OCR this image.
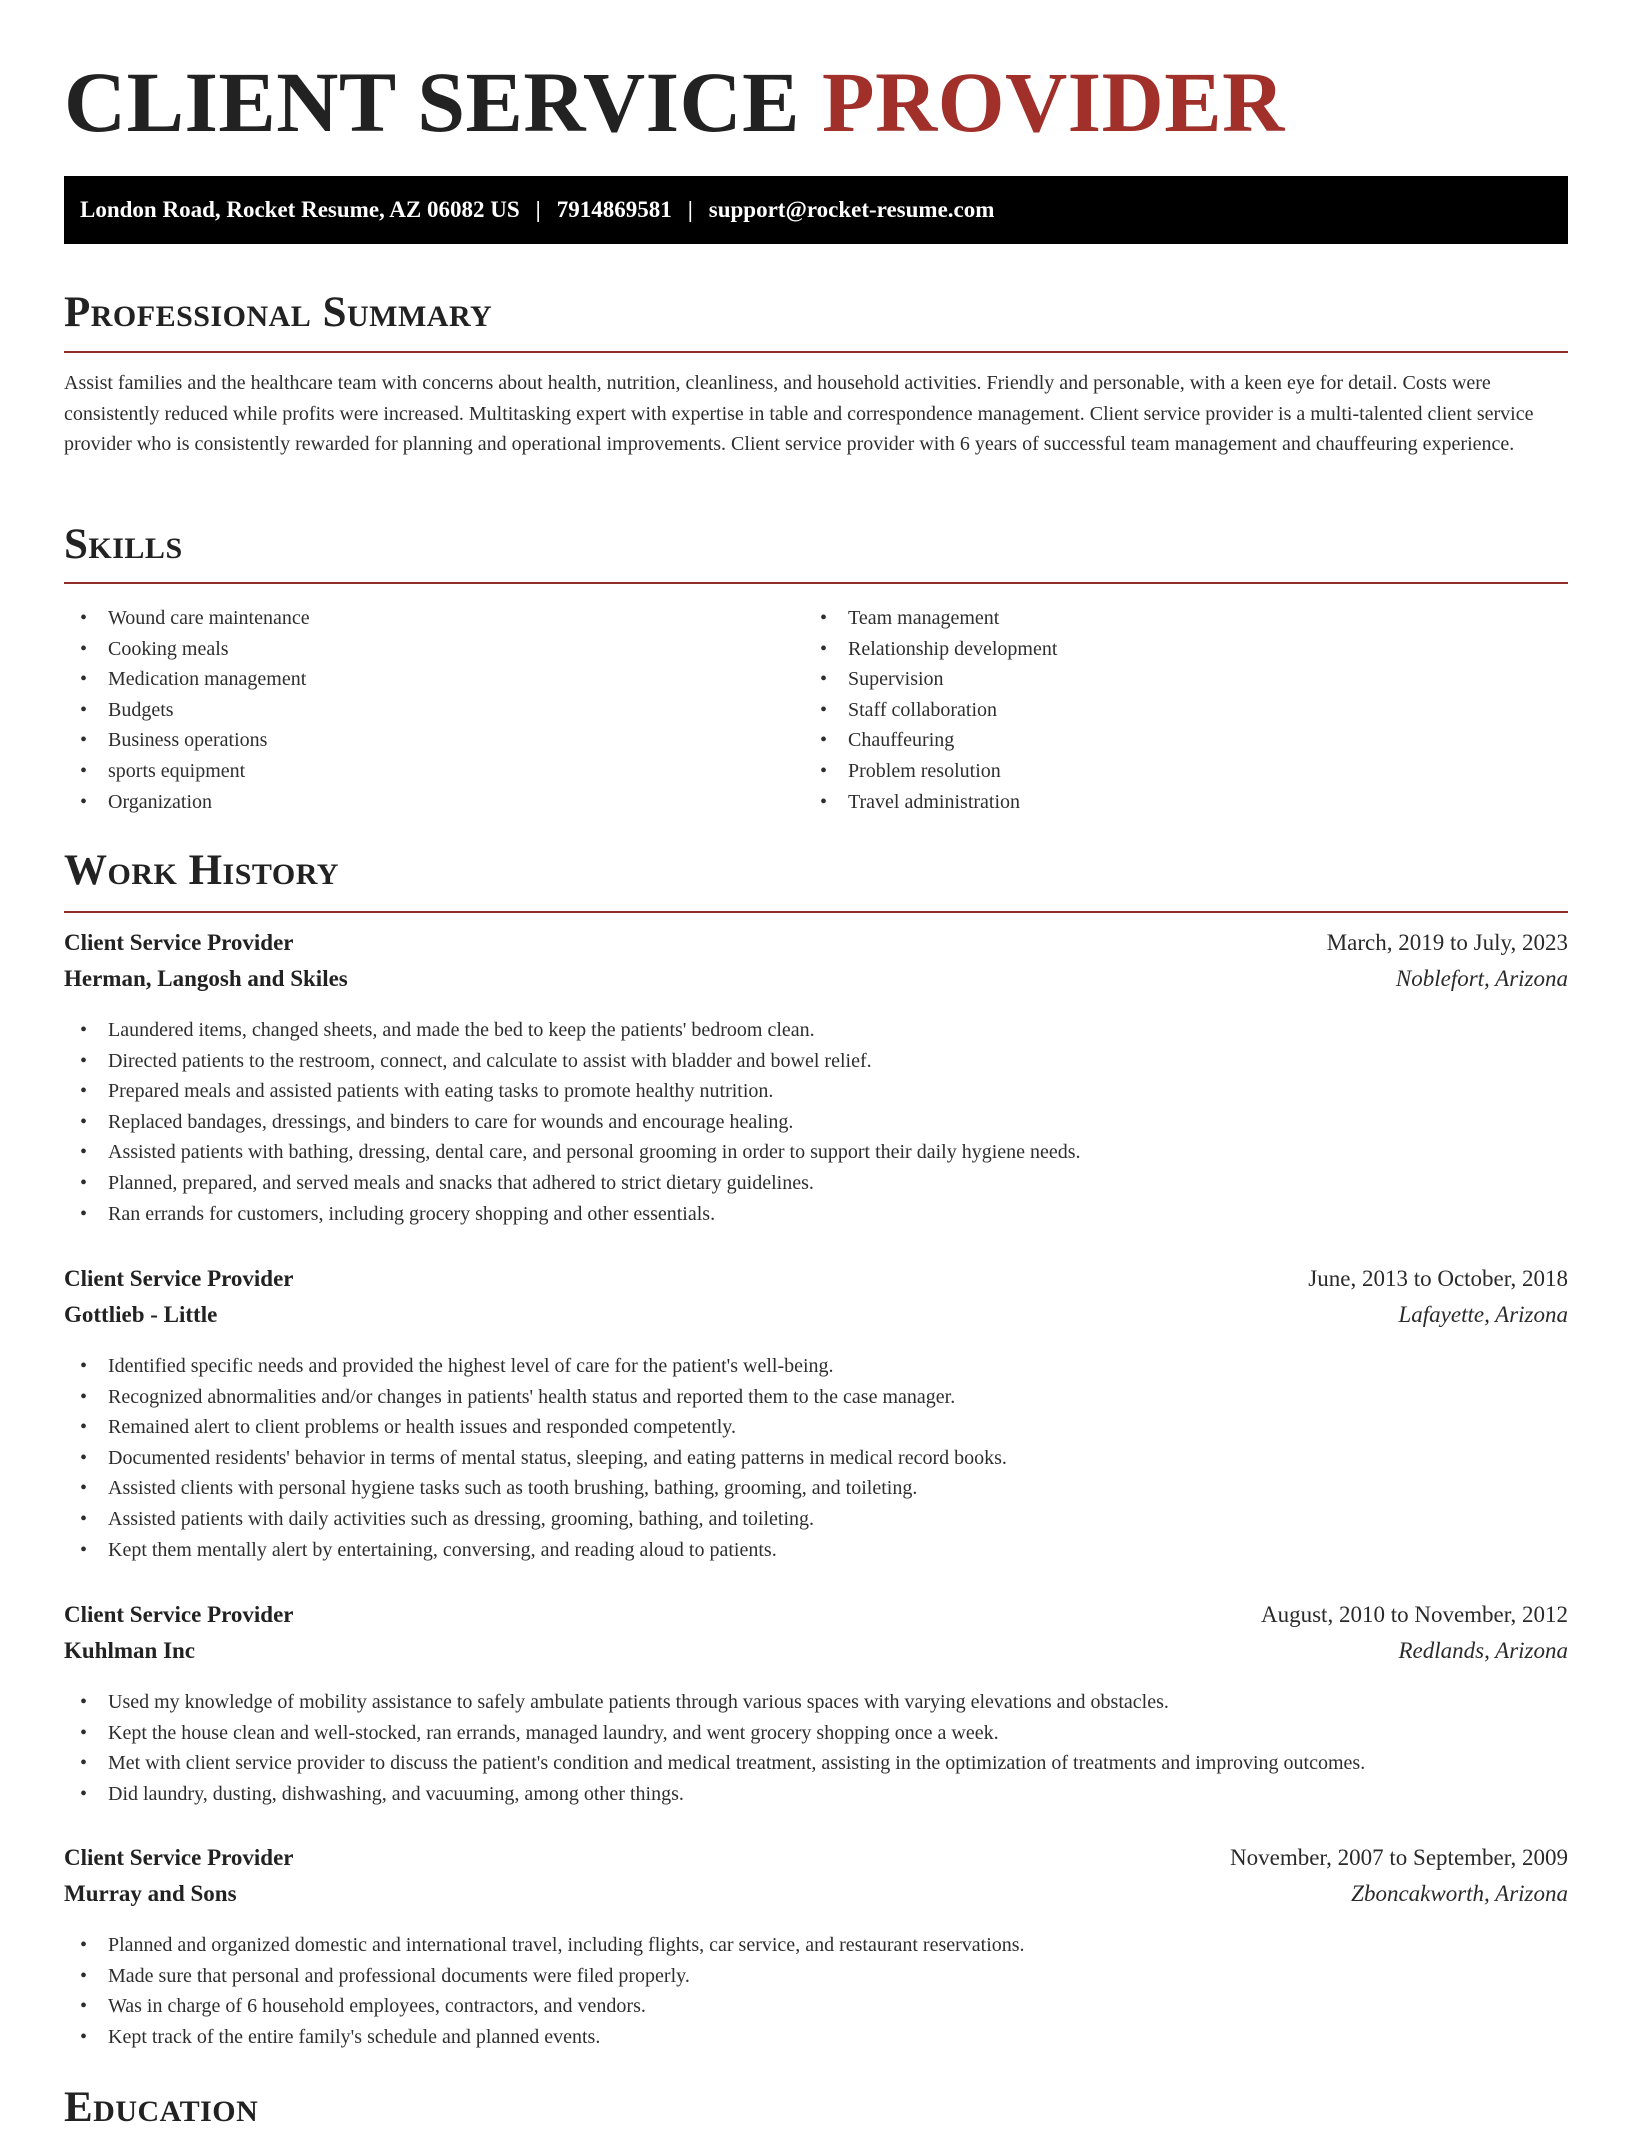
CLIENT SERVICE PROVIDER
London Road, Rocket Resume, AZ 06082 US | 7914869581 | support@rocket-resume.com
Professional Summary

Assist families and the healthcare team with concerns about health, nutrition, cleanliness, and household activities. Friendly and personable, with a keen eye for detail. Costs were consistently reduced while profits were increased. Multitasking expert with expertise in table and correspondence management. Client service provider is a multi-talented client service provider who is consistently rewarded for planning and operational improvements. Client service provider with 6 years of successful team management and chauffeuring experience.

Skills
• Wound care maintenance
• Cooking meals
• Medication management
• Budgets
• Business operations
• sports equipment
• Organization
• Team management
• Relationship development
• Supervision
• Staff collaboration
• Chauffeuring
• Problem resolution
• Travel administration
Work History
Client Service Provider	March, 2019 to July, 2023
Herman, Langosh and Skiles	Noblefort, Arizona
• Laundered items, changed sheets, and made the bed to keep the patients' bedroom clean.
• Directed patients to the restroom, connect, and calculate to assist with bladder and bowel relief.
• Prepared meals and assisted patients with eating tasks to promote healthy nutrition.
• Replaced bandages, dressings, and binders to care for wounds and encourage healing.
• Assisted patients with bathing, dressing, dental care, and personal grooming in order to support their daily hygiene needs.
• Planned, prepared, and served meals and snacks that adhered to strict dietary guidelines.
• Ran errands for customers, including grocery shopping and other essentials.
Client Service Provider	June, 2013 to October, 2018
Gottlieb - Little	Lafayette, Arizona
• Identified specific needs and provided the highest level of care for the patient's well-being.
• Recognized abnormalities and/or changes in patients' health status and reported them to the case manager.
• Remained alert to client problems or health issues and responded competently.
• Documented residents' behavior in terms of mental status, sleeping, and eating patterns in medical record books.
• Assisted clients with personal hygiene tasks such as tooth brushing, bathing, grooming, and toileting.
• Assisted patients with daily activities such as dressing, grooming, bathing, and toileting.
• Kept them mentally alert by entertaining, conversing, and reading aloud to patients.
Client Service Provider	August, 2010 to November, 2012
Kuhlman Inc	Redlands, Arizona
• Used my knowledge of mobility assistance to safely ambulate patients through various spaces with varying elevations and obstacles.
• Kept the house clean and well-stocked, ran errands, managed laundry, and went grocery shopping once a week.
• Met with client service provider to discuss the patient's condition and medical treatment, assisting in the optimization of treatments and improving outcomes.
• Did laundry, dusting, dishwashing, and vacuuming, among other things.
Client Service Provider	November, 2007 to September, 2009
Murray and Sons	Zboncakworth, Arizona
• Planned and organized domestic and international travel, including flights, car service, and restaurant reservations.
• Made sure that personal and professional documents were filed properly.
• Was in charge of 6 household employees, contractors, and vendors.
• Kept track of the entire family's schedule and planned events.
Education
